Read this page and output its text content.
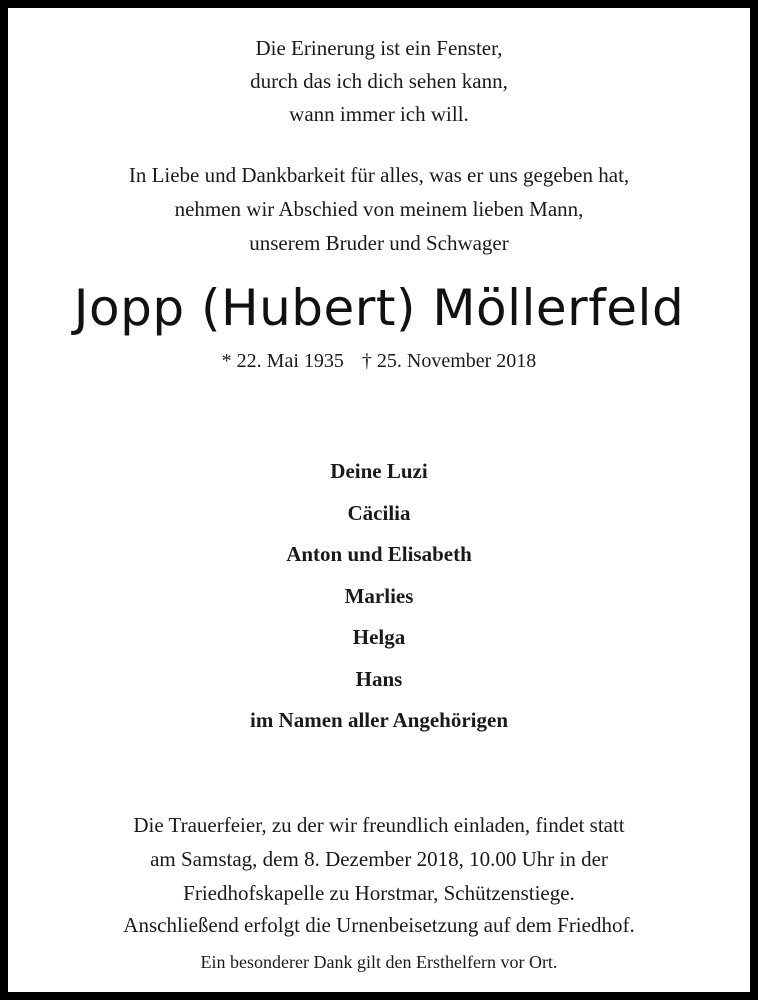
Die Erinerung ist ein Fenster,
durch das ich dich sehen kann,
wann immer ich will.
In Liebe und Dankbarkeit für alles, was er uns gegeben hat,
nehmen wir Abschied von meinem lieben Mann,
unserem Bruder und Schwager
Jopp (Hubert) Möllerfeld
* 22. Mai 1935 † 25. November 2018
Deine Luzi
Cäcilia
Anton und Elisabeth
Marlies
Helga
Hans
im Namen aller Angehörigen
Die Trauerfeier, zu der wir freundlich einladen, findet statt
am Samstag, dem 8. Dezember 2018, 10.00 Uhr in der
Friedhofskapelle zu Horstmar, Schützenstiege.
Anschließend erfolgt die Urnenbeisetzung auf dem Friedhof.
Ein besonderer Dank gilt den Ersthelfern vor Ort.
